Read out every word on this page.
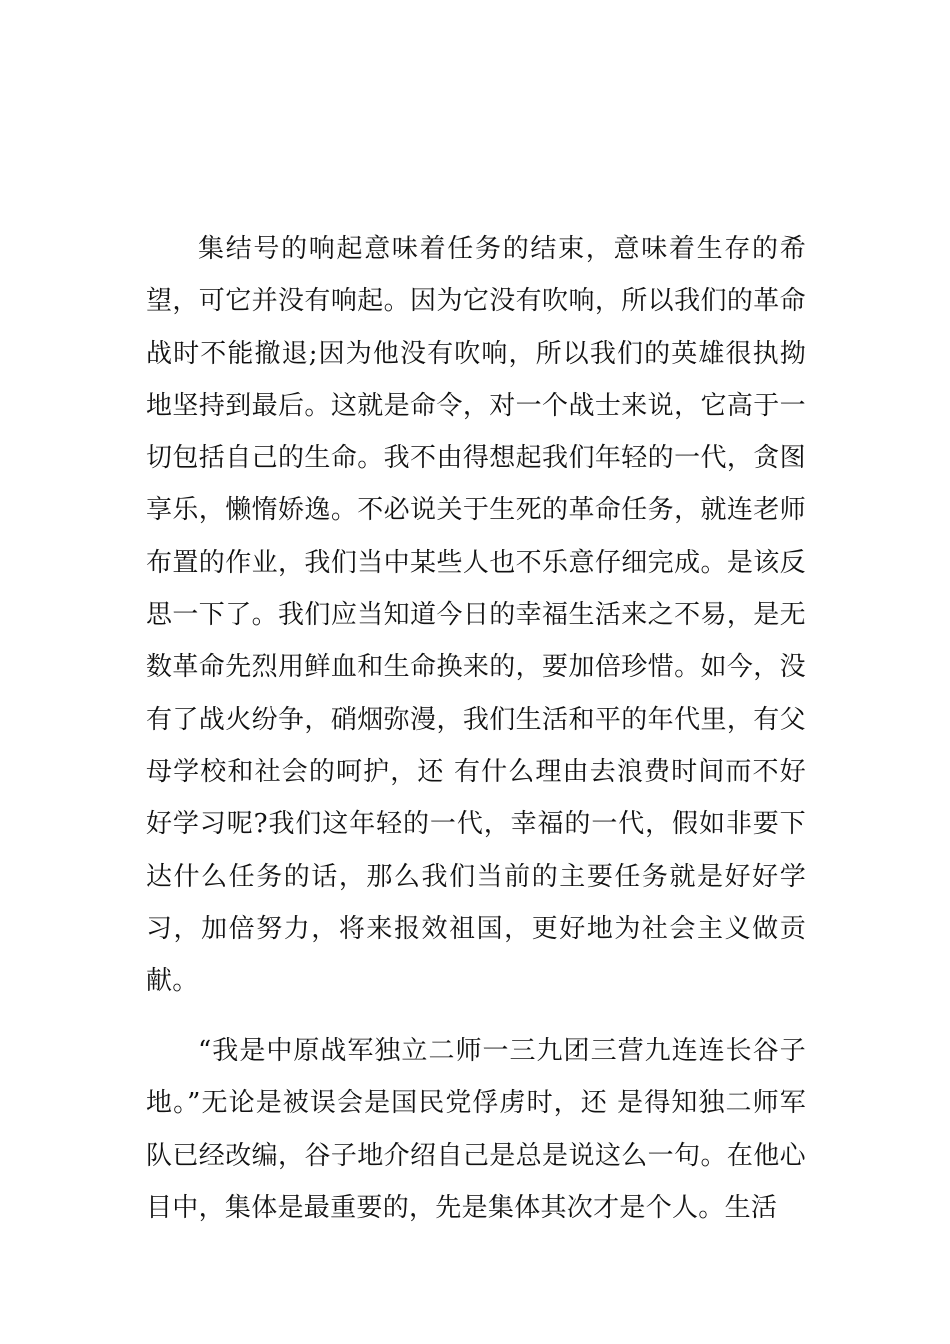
集结号的响起意味着任务的结束，意味着生存的希望，可它并没有响起。因为它没有吹响，所以我们的革命战时不能撤退;因为他没有吹响，所以我们的英雄很执拗地坚持到最后。这就是命令，对一个战士来说，它高于一切包括自己的生命。我不由得想起我们年轻的一代，贪图享乐，懒惰娇逸。不必说关于生死的革命任务，就连老师布置的作业，我们当中某些人也不乐意仔细完成。是该反思一下了。我们应当知道今日的幸福生活来之不易，是无数革命先烈用鲜血和生命换来的，要加倍珍惜。如今，没有了战火纷争，硝烟弥漫，我们生活和平的年代里，有父母学校和社会的呵护，还 有什么理由去浪费时间而不好好学习呢?我们这年轻的一代，幸福的一代，假如非要下达什么任务的话，那么我们当前的主要任务就是好好学习，加倍努力，将来报效祖国，更好地为社会主义做贡献。

“我是中原战军独立二师一三九团三营九连连长谷子地。”无论是被误会是国民党俘虏时，还 是得知独二师军队已经改编，谷子地介绍自己是总是说这么一句。在他心目中，集体是最重要的，先是集体其次才是个人。生活
